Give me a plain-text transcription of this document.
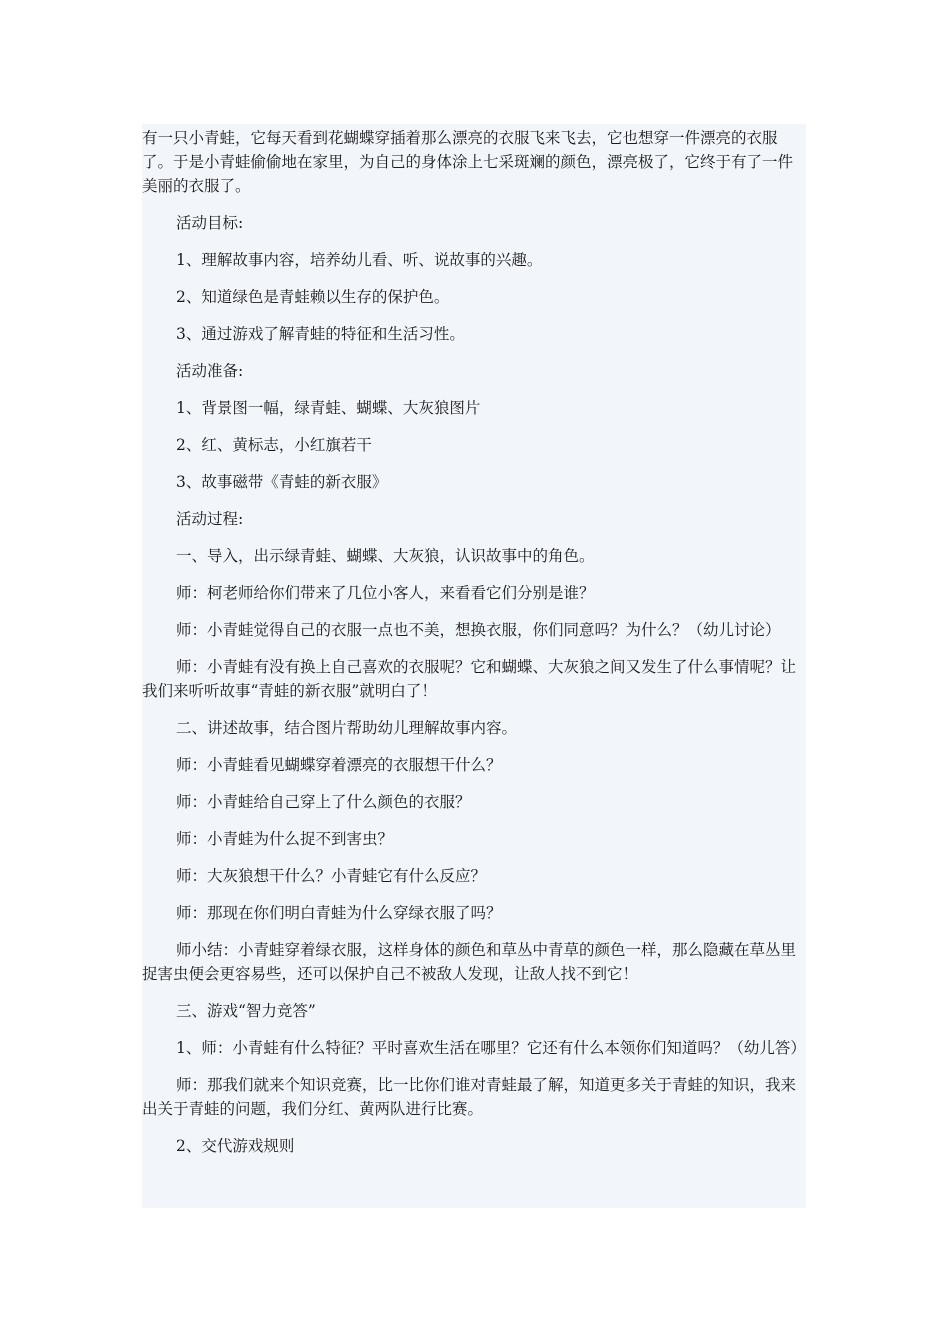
有一只小青蛙，它每天看到花蝴蝶穿插着那么漂亮的衣服飞来飞去，它也想穿一件漂亮的衣服了。于是小青蛙偷偷地在家里，为自己的身体涂上七采斑斓的颜色，漂亮极了，它终于有了一件美丽的衣服了。

活动目标:

1、理解故事内容，培养幼儿看、听、说故事的兴趣。

2、知道绿色是青蛙赖以生存的保护色。

3、通过游戏了解青蛙的特征和生活习性。

活动准备:

1、背景图一幅，绿青蛙、蝴蝶、大灰狼图片

2、红、黄标志，小红旗若干

3、故事磁带《青蛙的新衣服》

活动过程:

一、导入，出示绿青蛙、蝴蝶、大灰狼，认识故事中的角色。

师：柯老师给你们带来了几位小客人，来看看它们分别是谁？

师：小青蛙觉得自己的衣服一点也不美，想换衣服，你们同意吗？为什么？（幼儿讨论）

师：小青蛙有没有换上自己喜欢的衣服呢？它和蝴蝶、大灰狼之间又发生了什么事情呢？让我们来听听故事“青蛙的新衣服”就明白了！

二、讲述故事，结合图片帮助幼儿理解故事内容。

师：小青蛙看见蝴蝶穿着漂亮的衣服想干什么？

师：小青蛙给自己穿上了什么颜色的衣服？

师：小青蛙为什么捉不到害虫？

师：大灰狼想干什么？小青蛙它有什么反应？

师：那现在你们明白青蛙为什么穿绿衣服了吗？

师小结：小青蛙穿着绿衣服，这样身体的颜色和草丛中青草的颜色一样，那么隐藏在草丛里捉害虫便会更容易些，还可以保护自己不被敌人发现，让敌人找不到它！

三、游戏“智力竞答”

1、师：小青蛙有什么特征？平时喜欢生活在哪里？它还有什么本领你们知道吗？（幼儿答）

师：那我们就来个知识竞赛，比一比你们谁对青蛙最了解，知道更多关于青蛙的知识，我来出关于青蛙的问题，我们分红、黄两队进行比赛。

2、交代游戏规则
